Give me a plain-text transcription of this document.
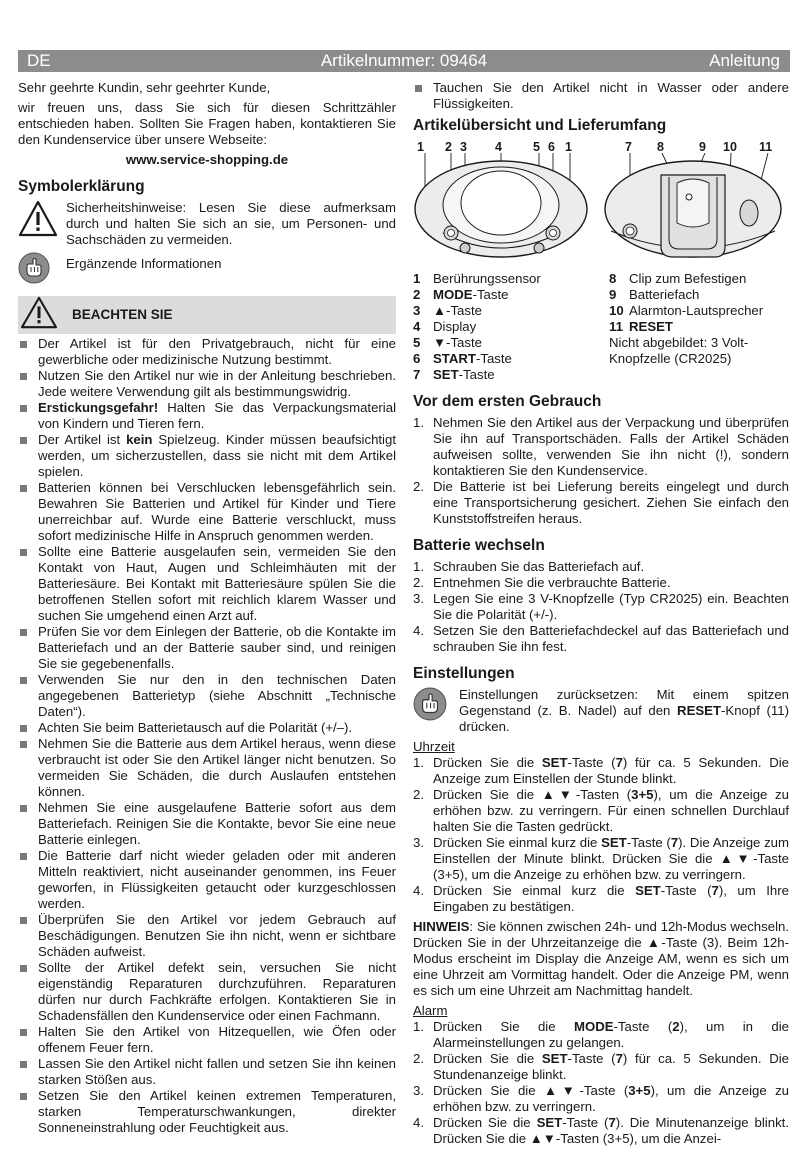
DE	Artikelnummer: 09464	Anleitung

Sehr geehrte Kundin, sehr geehrter Kunde,

wir freuen uns, dass Sie sich für diesen Schrittzähler entschieden haben. Sollten Sie Fragen haben, kontaktieren Sie den Kundenservice über unsere Webseite:

www.service-shopping.de

Symbolerklärung

Sicherheitshinweise: Lesen Sie diese aufmerksam durch und halten Sie sich an sie, um Personen- und Sachschäden zu vermeiden.

Ergänzende Informationen

BEACHTEN SIE
Der Artikel ist für den Privatgebrauch, nicht für eine gewerbliche oder medizinische Nutzung bestimmt.
Nutzen Sie den Artikel nur wie in der Anleitung beschrieben. Jede weitere Verwendung gilt als bestimmungswidrig.
Erstickungsgefahr! Halten Sie das Verpackungsmaterial von Kindern und Tieren fern.
Der Artikel ist kein Spielzeug. Kinder müssen beaufsichtigt werden, um sicherzustellen, dass sie nicht mit dem Artikel spielen.
Batterien können bei Verschlucken lebensgefährlich sein. Bewahren Sie Batterien und Artikel für Kinder und Tiere unerreichbar auf. Wurde eine Batterie verschluckt, muss sofort medizinische Hilfe in Anspruch genommen werden.
Sollte eine Batterie ausgelaufen sein, vermeiden Sie den Kontakt von Haut, Augen und Schleimhäuten mit der Batteriesäure. Bei Kontakt mit Batteriesäure spülen Sie die betroffenen Stellen sofort mit reichlich klarem Wasser und suchen Sie umgehend einen Arzt auf.
Prüfen Sie vor dem Einlegen der Batterie, ob die Kontakte im Batteriefach und an der Batterie sauber sind, und reinigen Sie sie gegebenenfalls.
Verwenden Sie nur den in den technischen Daten angegebenen Batterietyp (siehe Abschnitt „Technische Daten“).
Achten Sie beim Batterietausch auf die Polarität (+/–).
Nehmen Sie die Batterie aus dem Artikel heraus, wenn diese verbraucht ist oder Sie den Artikel länger nicht benutzen. So vermeiden Sie Schäden, die durch Auslaufen entstehen können.
Nehmen Sie eine ausgelaufene Batterie sofort aus dem Batteriefach. Reinigen Sie die Kontakte, bevor Sie eine neue Batterie einlegen.
Die Batterie darf nicht wieder geladen oder mit anderen Mitteln reaktiviert, nicht auseinander genommen, ins Feuer geworfen, in Flüssigkeiten getaucht oder kurzgeschlossen werden.
Überprüfen Sie den Artikel vor jedem Gebrauch auf Beschädigungen. Benutzen Sie ihn nicht, wenn er sichtbare Schäden aufweist.
Sollte der Artikel defekt sein, versuchen Sie nicht eigenständig Reparaturen durchzuführen. Reparaturen dürfen nur durch Fachkräfte erfolgen. Kontaktieren Sie in Schadensfällen den Kundenservice oder einen Fachmann.
Halten Sie den Artikel von Hitzequellen, wie Öfen oder offenem Feuer fern.
Lassen Sie den Artikel nicht fallen und setzen Sie ihn keinen starken Stößen aus.
Setzen Sie den Artikel keinen extremen Temperaturen, starken Temperaturschwankungen, direkter Sonneneinstrahlung oder Feuchtigkeit aus.
Tauchen Sie den Artikel nicht in Wasser oder andere Flüssigkeiten.
Artikelübersicht und Lieferumfang
1 2 3 4 5 6 1	7 8	9 10 11
1 Berührungssensor
2 MODE-Taste
3 ▲-Taste
4 Display
5 ▼-Taste
6 START-Taste
7 SET-Taste
8 Clip zum Befestigen
9 Batteriefach
10 Alarmton-Lautsprecher
11 RESET
Nicht abgebildet: 3 Volt-Knopfzelle (CR2025)
Vor dem ersten Gebrauch
1. Nehmen Sie den Artikel aus der Verpackung und überprüfen Sie ihn auf Transportschäden. Falls der Artikel Schäden aufweisen sollte, verwenden Sie ihn nicht (!), sondern kontaktieren Sie den Kundenservice.
2. Die Batterie ist bei Lieferung bereits eingelegt und durch eine Transportsicherung gesichert. Ziehen Sie einfach den Kunststoffstreifen heraus.
Batterie wechseln
1. Schrauben Sie das Batteriefach auf.
2. Entnehmen Sie die verbrauchte Batterie.
3. Legen Sie eine 3 V-Knopfzelle (Typ CR2025) ein. Beachten Sie die Polarität (+/-).
4. Setzen Sie den Batteriefachdeckel auf das Batteriefach und schrauben Sie ihn fest.
Einstellungen

Einstellungen zurücksetzen: Mit einem spitzen Gegenstand (z. B. Nadel) auf den RESET-Knopf (11) drücken.

Uhrzeit

1. Drücken Sie die SET-Taste (7) für ca. 5 Sekunden. Die Anzeige zum Einstellen der Stunde blinkt.
2. Drücken Sie die ▲▼-Tasten (3+5), um die Anzeige zu erhöhen bzw. zu verringern. Für einen schnellen Durchlauf halten Sie die Tasten gedrückt.
3. Drücken Sie einmal kurz die SET-Taste (7). Die Anzeige zum Einstellen der Minute blinkt. Drücken Sie die ▲▼-Taste (3+5), um die Anzeige zu erhöhen bzw. zu verringern.
4. Drücken Sie einmal kurz die SET-Taste (7), um Ihre Eingaben zu bestätigen.

HINWEIS: Sie können zwischen 24h- und 12h-Modus wechseln. Drücken Sie in der Uhrzeitanzeige die ▲-Taste (3). Beim 12h-Modus erscheint im Display die Anzeige AM, wenn es sich um eine Uhrzeit am Vormittag handelt. Oder die Anzeige PM, wenn es sich um eine Uhrzeit am Nachmittag handelt.

Alarm

1. Drücken Sie die MODE-Taste (2), um in die Alarmeinstellungen zu gelangen.
2. Drücken Sie die SET-Taste (7) für ca. 5 Sekunden. Die Stundenanzeige blinkt.
3. Drücken Sie die ▲▼-Taste (3+5), um die Anzeige zu erhöhen bzw. zu verringern.
4. Drücken Sie die SET-Taste (7). Die Minutenanzeige blinkt. Drücken Sie die ▲▼-Tasten (3+5), um die Anzei-
